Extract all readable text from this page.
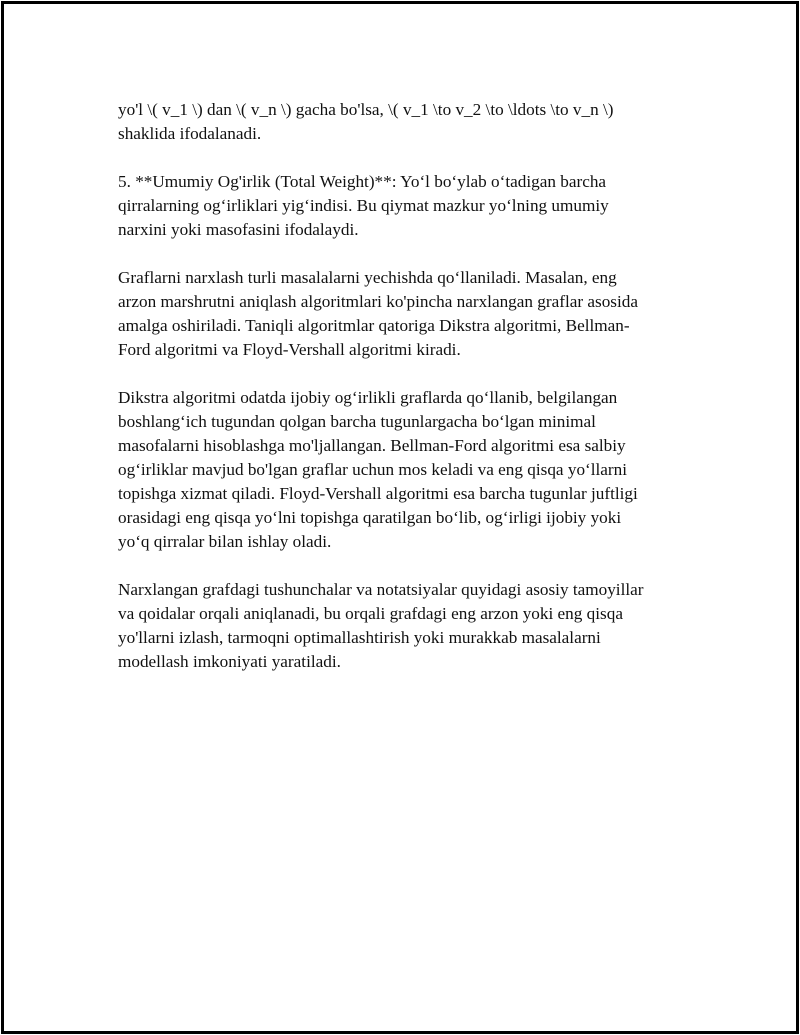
yo'l \( v_1 \) dan \( v_n \) gacha bo'lsa, \( v_1 \to v_2 \to \ldots \to v_n \)
shaklida ifodalanadi.

5. **Umumiy Og'irlik (Total Weight)**: Yo‘l bo‘ylab o‘tadigan barcha
qirralarning og‘irliklari yig‘indisi. Bu qiymat mazkur yo‘lning umumiy
narxini yoki masofasini ifodalaydi.

Graflarni narxlash turli masalalarni yechishda qo‘llaniladi. Masalan, eng
arzon marshrutni aniqlash algoritmlari ko'pincha narxlangan graflar asosida
amalga oshiriladi. Taniqli algoritmlar qatoriga Dikstra algoritmi, Bellman-
Ford algoritmi va Floyd-Vershall algoritmi kiradi.

Dikstra algoritmi odatda ijobiy og‘irlikli graflarda qo‘llanib, belgilangan
boshlang‘ich tugundan qolgan barcha tugunlargacha bo‘lgan minimal
masofalarni hisoblashga mo'ljallangan. Bellman-Ford algoritmi esa salbiy
og‘irliklar mavjud bo'lgan graflar uchun mos keladi va eng qisqa yo‘llarni
topishga xizmat qiladi. Floyd-Vershall algoritmi esa barcha tugunlar juftligi
orasidagi eng qisqa yo‘lni topishga qaratilgan bo‘lib, og‘irligi ijobiy yoki
yo‘q qirralar bilan ishlay oladi.

Narxlangan grafdagi tushunchalar va notatsiyalar quyidagi asosiy tamoyillar
va qoidalar orqali aniqlanadi, bu orqali grafdagi eng arzon yoki eng qisqa
yo'llarni izlash, tarmoqni optimallashtirish yoki murakkab masalalarni
modellash imkoniyati yaratiladi.
